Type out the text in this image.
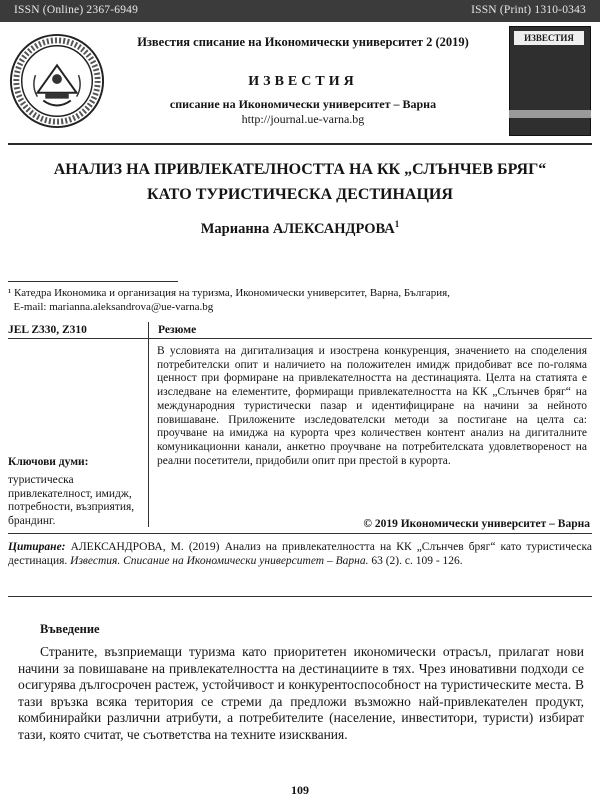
ISSN (Online) 2367-6949	ISSN (Print) 1310-0343
Известия списание на Икономически университет 2 (2019)
ИЗВЕСТИЯ
списание на Икономически университет – Варна
http://journal.ue-varna.bg
ИЗВЕСТИЯ
АНАЛИЗ НА ПРИВЛЕКАТЕЛНОСТТА НА КК „СЛЪНЧЕВ БРЯГ“
КАТО ТУРИСТИЧЕСКА ДЕСТИНАЦИЯ
Марианна АЛЕКСАНДРОВА$^1$
¹ Катедра Икономика и организация на туризма, Икономически университет, Варна, България,
E-mail: marianna.aleksandrova@ue-varna.bg
JEL Z330, Z310	Резюме
В условията на дигитализация и изострена конкуренция, значението на споделения потребителски опит и наличието на положителен имидж придобиват все по-голяма ценност при формиране на привлекателността на дестинацията. Целта на статията е изследване на елементите, формиращи привлекателността на КК „Слънчев бряг“ на международния туристически пазар и идентифициране на начини за нейното повишаване. Приложените изследователски методи за постигане на целта са: проучване на имиджа на курорта чрез количествен контент анализ на дигиталните комуникационни канали, анкетно проучване на потребителската удовлетвореност на реални посетители, придобили опит при престой в курорта.
Ключови думи:
туристическа привлекателност, имидж, потребности, възприятия, брандинг.	© 2019 Икономически университет – Варна
Цитиране: АЛЕКСАНДРОВА, М. (2019) Анализ на привлекателността на КК „Слънчев бряг“ като туристическа дестинация. Известия. Списание на Икономически университет – Варна. 63 (2). с. 109 - 126.
Въведение
Страните, възприемащи туризма като приоритетен икономически отрасъл, прилагат нови начини за повишаване на привлекателността на дестинациите в тях. Чрез иновативни подходи се осигурява дългосрочен растеж, устойчивост и конкурентоспособност на туристическите места. В тази връзка всяка територия се стреми да предложи възможно най-привлекателен продукт, комбинирайки различни атрибути, а потребителите (население, инвеститори, туристи) избират тази, която считат, че съответства на техните изисквания.
109
